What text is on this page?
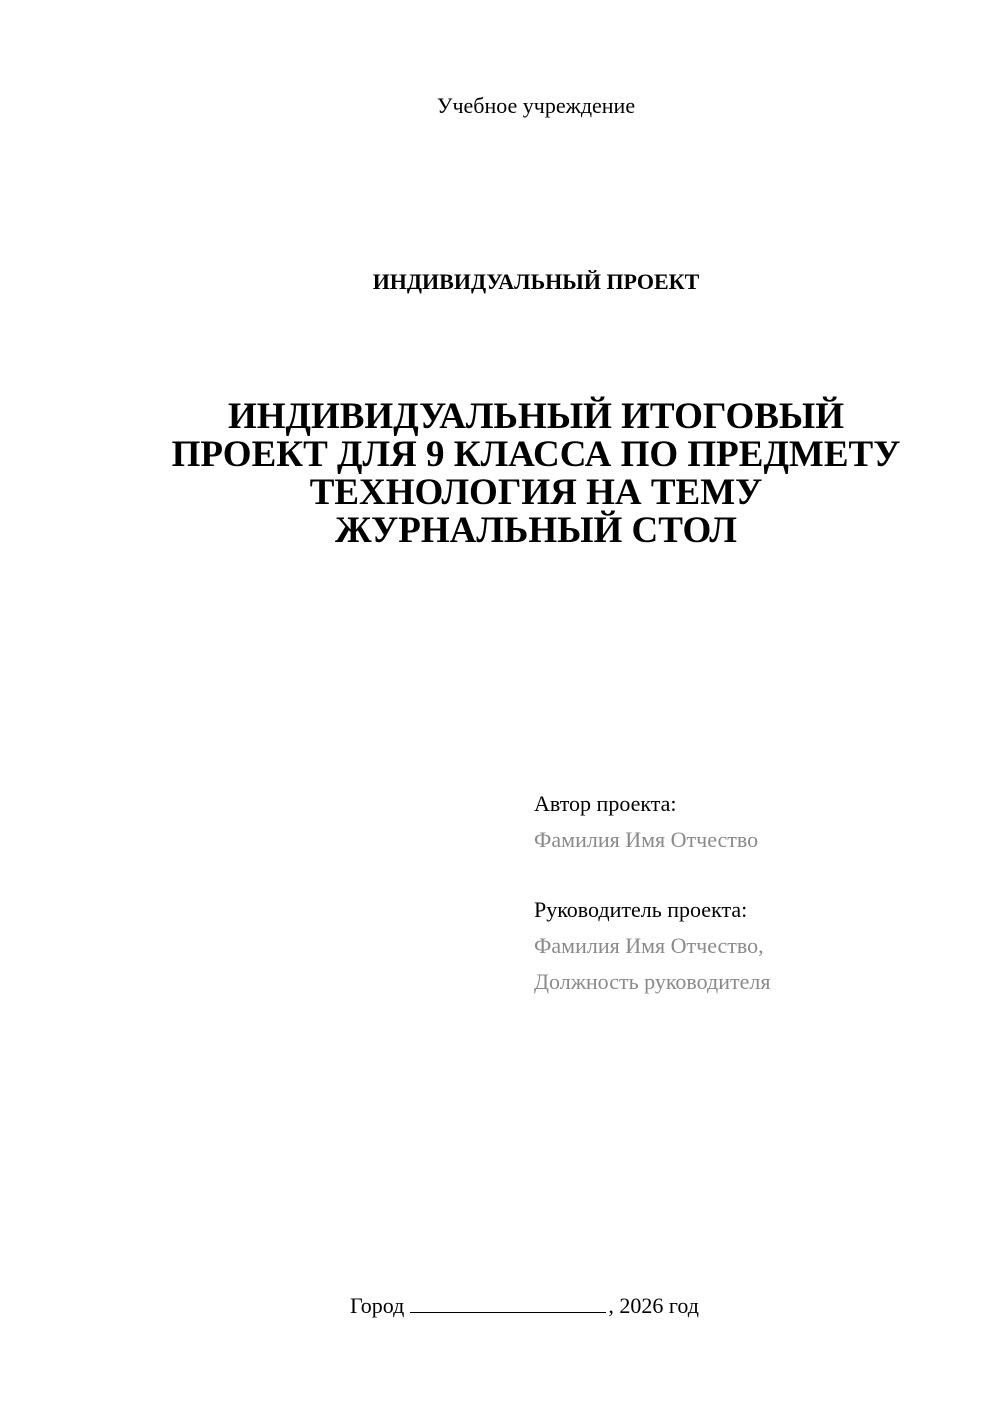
Учебное учреждение
ИНДИВИДУАЛЬНЫЙ ПРОЕКТ
ИНДИВИДУАЛЬНЫЙ ИТОГОВЫЙ
ПРОЕКТ ДЛЯ 9 КЛАССА ПО ПРЕДМЕТУ
ТЕХНОЛОГИЯ НА ТЕМУ
ЖУРНАЛЬНЫЙ СТОЛ
Автор проекта:
Фамилия Имя Отчество
Руководитель проекта:
Фамилия Имя Отчество,
Должность руководителя
Город	, 2026 год
